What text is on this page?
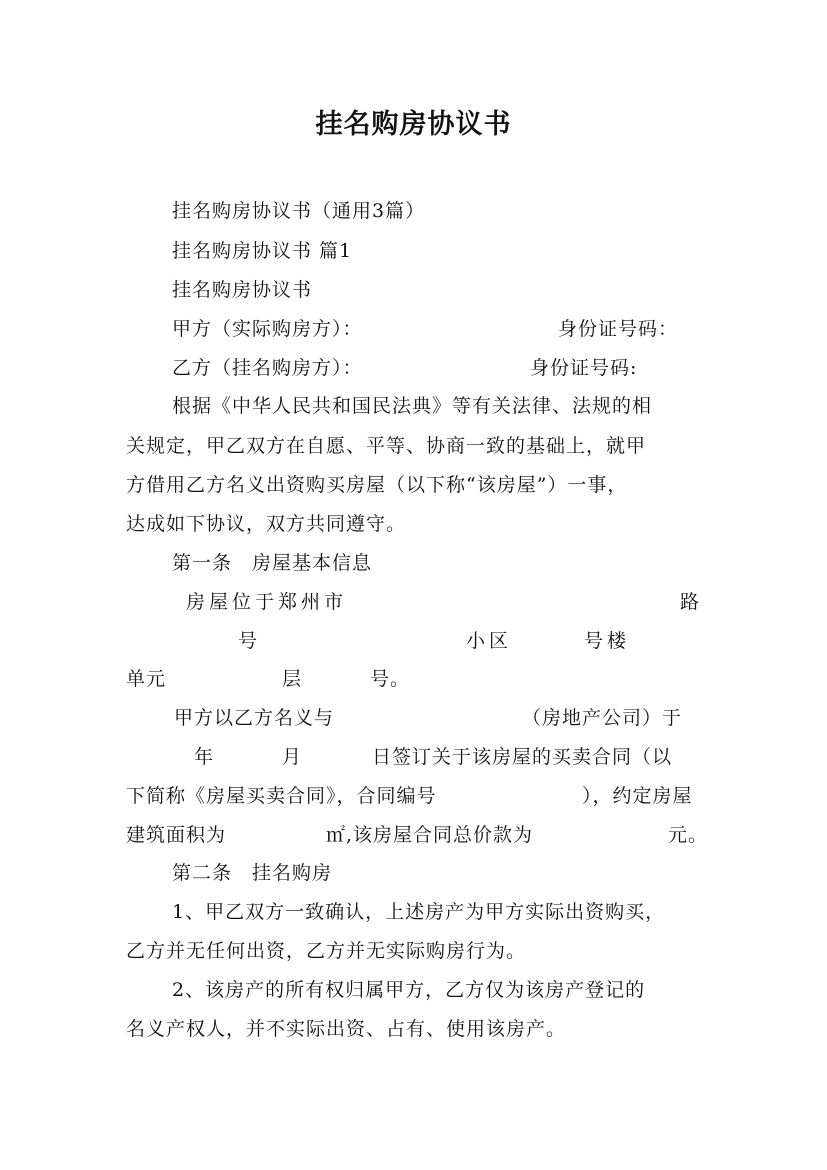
挂名购房协议书
挂名购房协议书（通用3篇）
挂名购房协议书 篇1
挂名购房协议书
甲方（实际购房方）：	身份证号码：
乙方（挂名购房方）：	身份证号码:
根据《中华人民共和国民法典》等有关法律、法规的相
关规定，甲乙双方在自愿、平等、协商一致的基础上，就甲
方借用乙方名义出资购买房屋（以下称“该房屋”）一事，
达成如下协议，双方共同遵守。
第一条　房屋基本信息
房屋位于郑州市	路
号	小区	号楼
单元	层	号。
甲方以乙方名义与	（房地产公司）于
年	月	日签订关于该房屋的买卖合同（以
下简称《房屋买卖合同》，合同编号	），约定房屋
建筑面积为	㎡,该房屋合同总价款为	元。
第二条　挂名购房
1、甲乙双方一致确认，上述房产为甲方实际出资购买，
乙方并无任何出资，乙方并无实际购房行为。
2、该房产的所有权归属甲方，乙方仅为该房产登记的
名义产权人，并不实际出资、占有、使用该房产。
